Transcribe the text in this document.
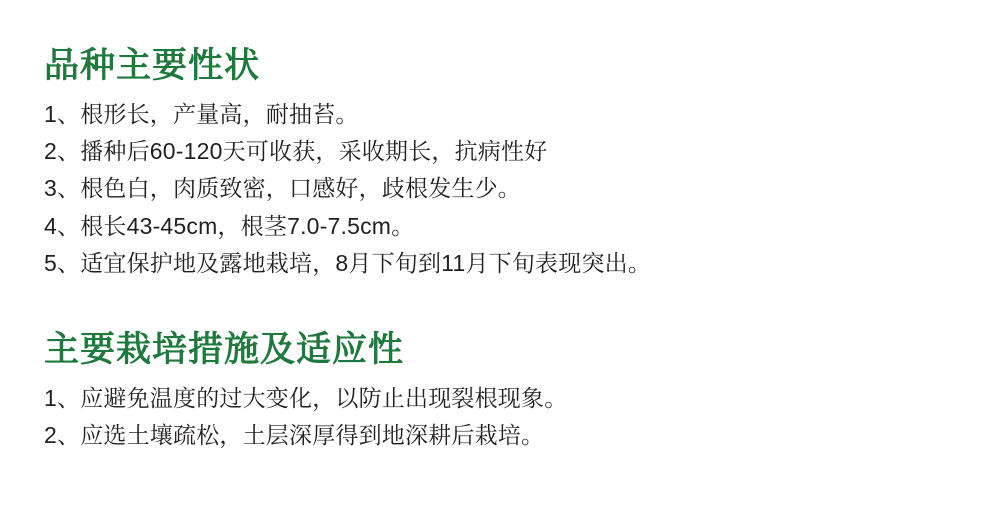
品种主要性状
1、根形长，产量高，耐抽苔。
2、播种后60-120天可收获，采收期长，抗病性好
3、根色白，肉质致密，口感好，歧根发生少。
4、根长43-45cm，根茎7.0-7.5cm。
5、适宜保护地及露地栽培，8月下旬到11月下旬表现突出。
主要栽培措施及适应性
1、应避免温度的过大变化，以防止出现裂根现象。
2、应选土壤疏松，土层深厚得到地深耕后栽培。
